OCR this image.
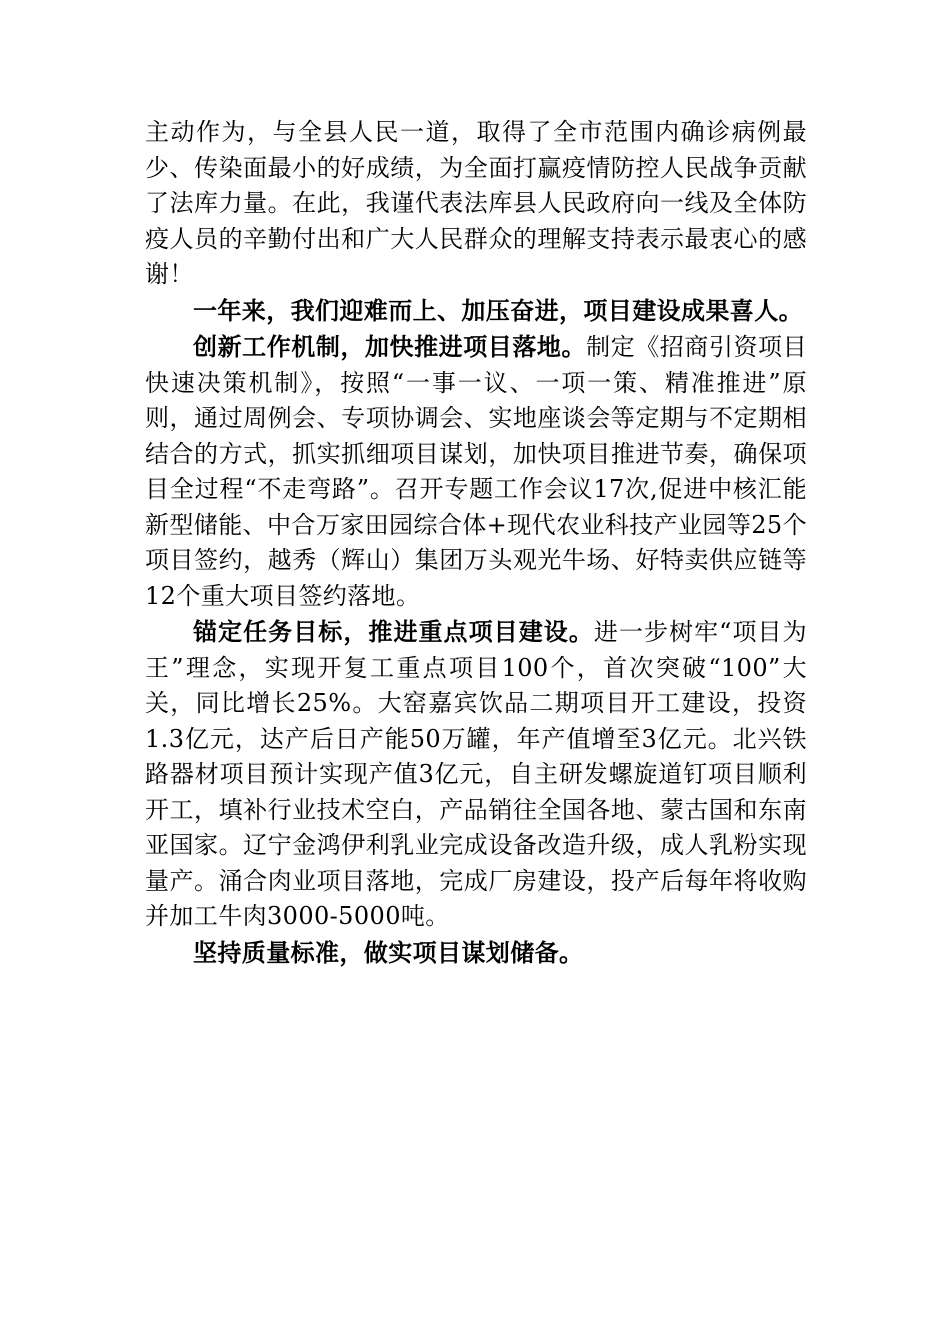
主动作为，与全县人民一道，取得了全市范围内确诊病例最少、传染面最小的好成绩，为全面打赢疫情防控人民战争贡献了法库力量。在此，我谨代表法库县人民政府向一线及全体防疫人员的辛勤付出和广大人民群众的理解支持表示最衷心的感谢！

一年来，我们迎难而上、加压奋进，项目建设成果喜人。

创新工作机制，加快推进项目落地。制定《招商引资项目快速决策机制》，按照“一事一议、一项一策、精准推进”原则，通过周例会、专项协调会、实地座谈会等定期与不定期相结合的方式，抓实抓细项目谋划，加快项目推进节奏，确保项目全过程“不走弯路”。召开专题工作会议17次,促进中核汇能新型储能、中合万家田园综合体+现代农业科技产业园等25个项目签约，越秀（辉山）集团万头观光牛场、好特卖供应链等12个重大项目签约落地。

锚定任务目标，推进重点项目建设。进一步树牢“项目为王”理念，实现开复工重点项目100个，首次突破“100”大关，同比增长25%。大窑嘉宾饮品二期项目开工建设，投资1.3亿元，达产后日产能50万罐，年产值增至3亿元。北兴铁路器材项目预计实现产值3亿元，自主研发螺旋道钉项目顺利开工，填补行业技术空白，产品销往全国各地、蒙古国和东南亚国家。辽宁金鸿伊利乳业完成设备改造升级，成人乳粉实现量产。涌合肉业项目落地，完成厂房建设，投产后每年将收购并加工牛肉3000-5000吨。

坚持质量标准，做实项目谋划储备。
